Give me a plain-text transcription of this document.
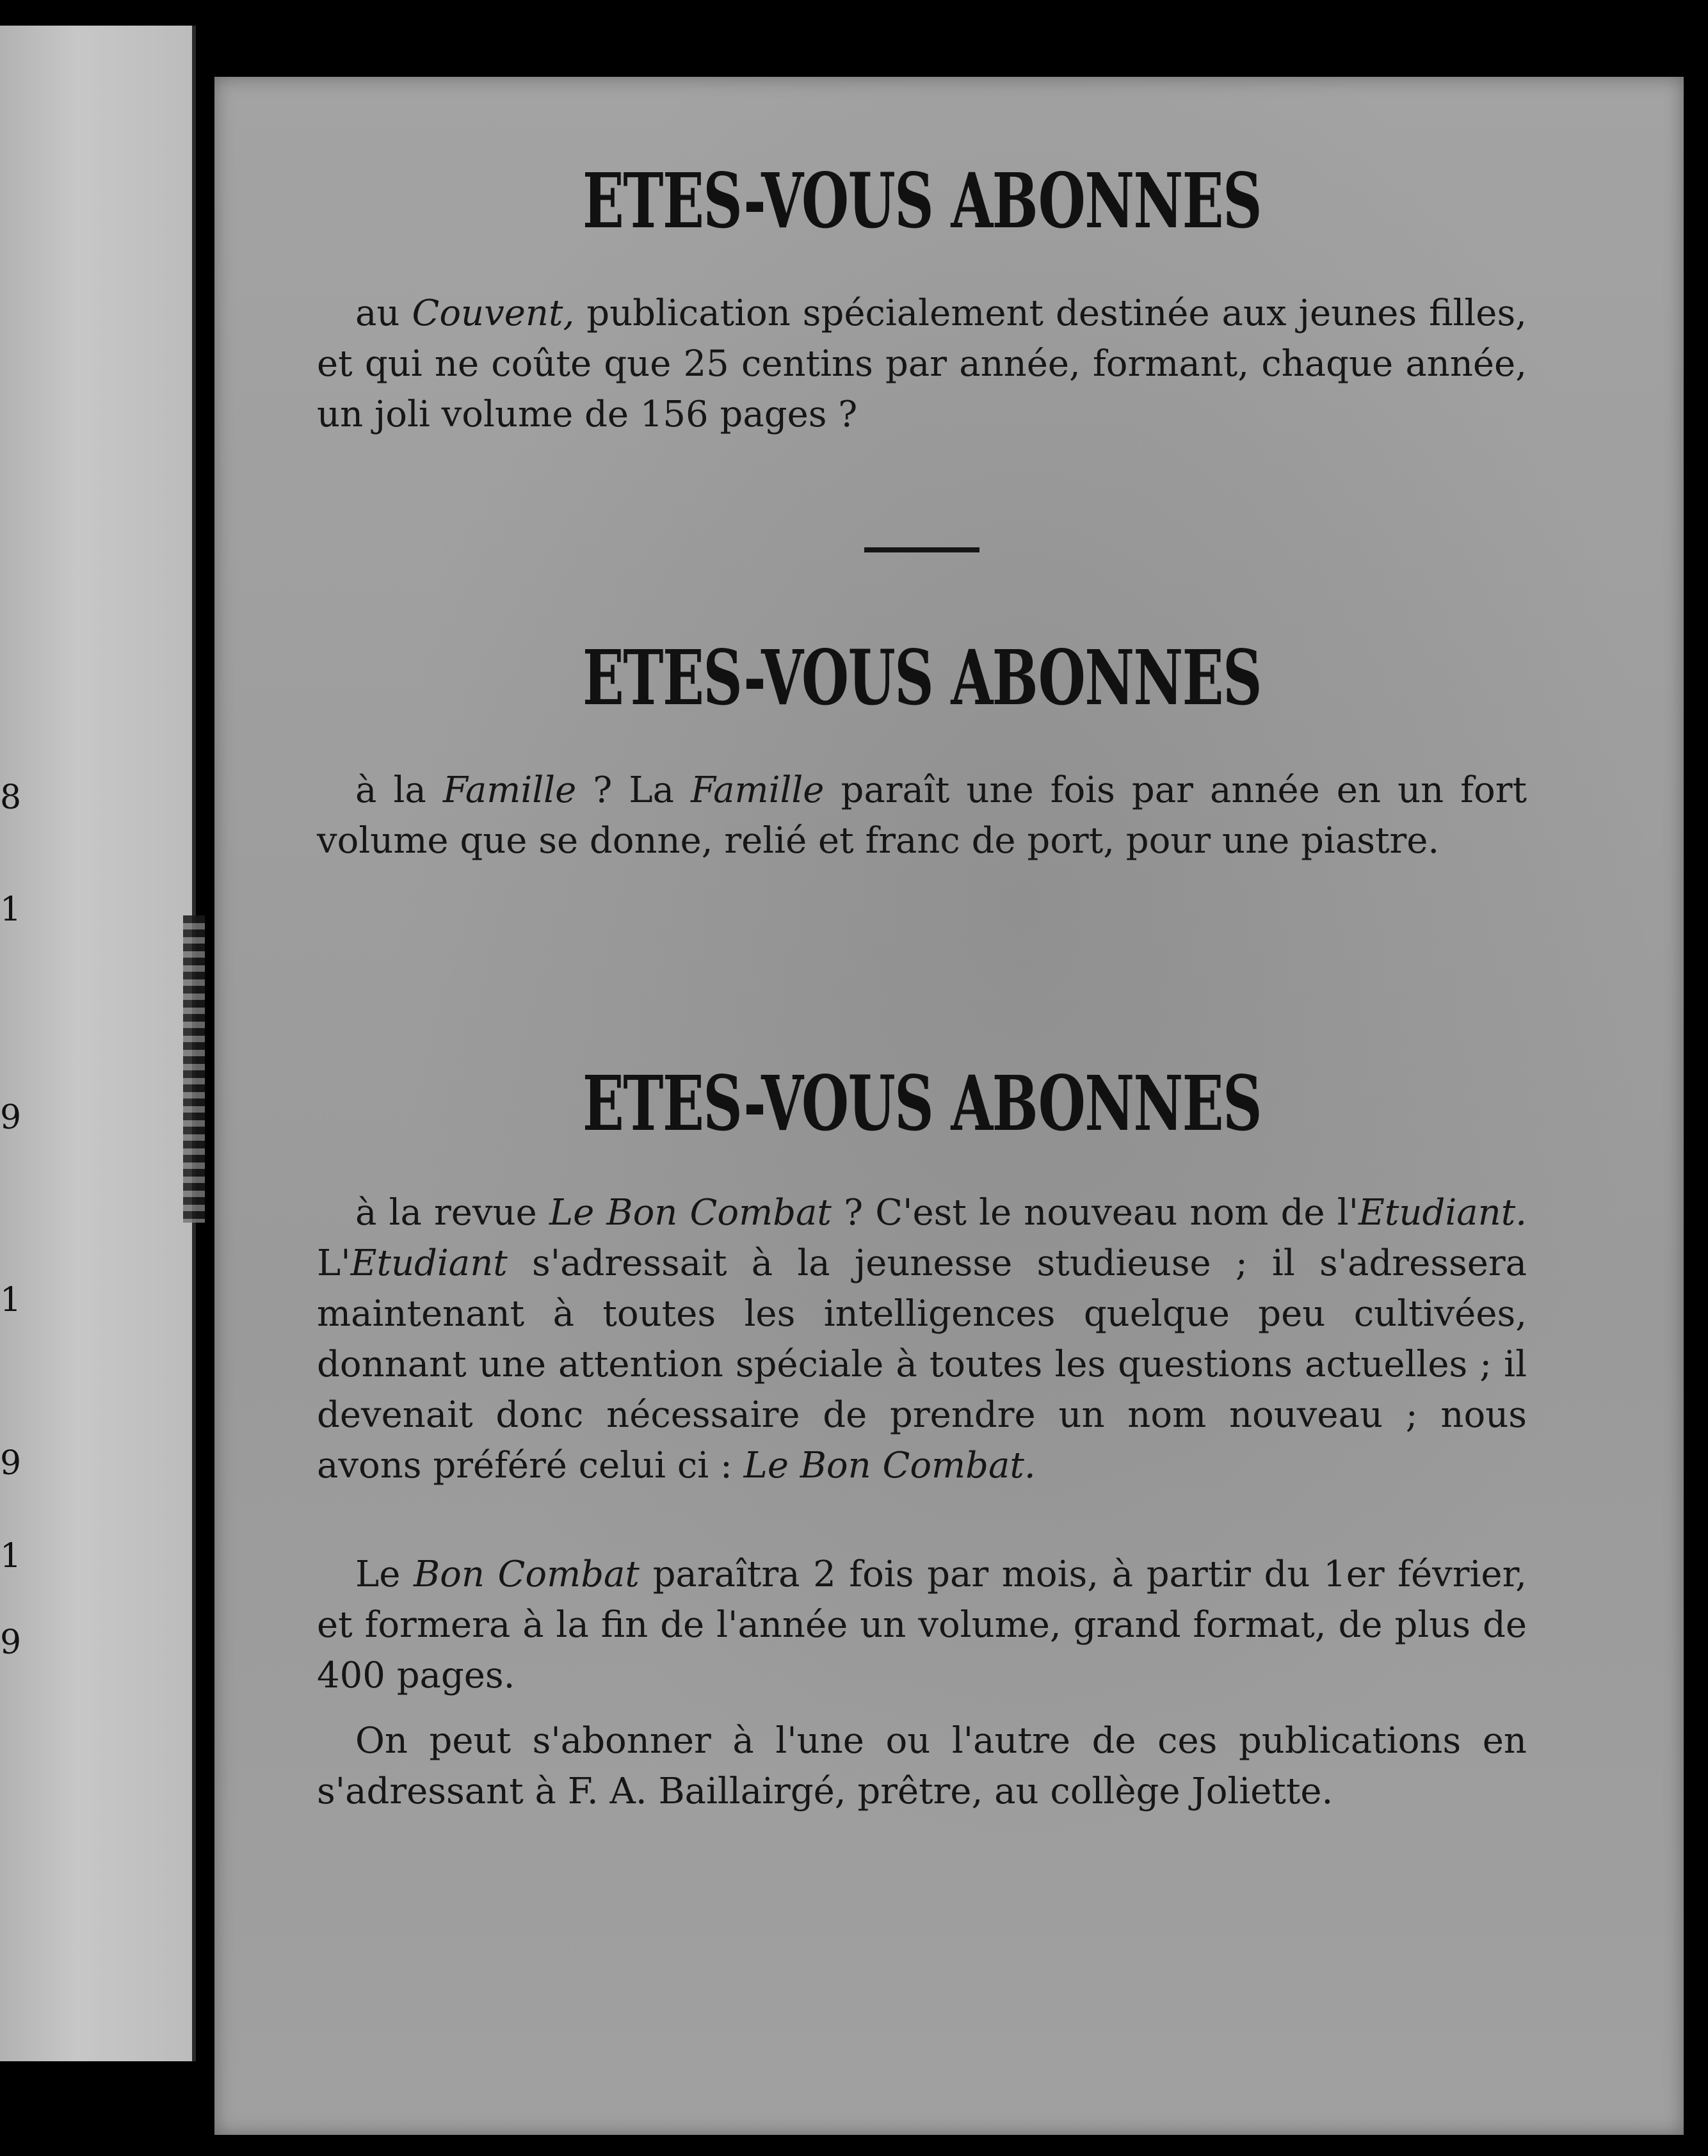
8
1
9
1
9
1
9
ETES-VOUS ABONNES

au Couvent, publication spécialement destinée aux jeunes filles, et qui ne coûte que 25 centins par année, formant, chaque année, un joli volume de 156 pages ?

ETES-VOUS ABONNES

à la Famille ? La Famille paraît une fois par année en un fort volume que se donne, relié et franc de port, pour une piastre.

ETES-VOUS ABONNES

à la revue Le Bon Combat ? C'est le nouveau nom de l'Etudiant. L'Etudiant s'adressait à la jeunesse studieuse ; il s'adressera maintenant à toutes les intelligences quelque peu cultivées, donnant une attention spéciale à toutes les questions actuelles ; il devenait donc nécessaire de prendre un nom nouveau ; nous avons préféré celui ci : Le Bon Combat.

Le Bon Combat paraîtra 2 fois par mois, à partir du 1er février, et formera à la fin de l'année un volume, grand format, de plus de 400 pages.

On peut s'abonner à l'une ou l'autre de ces publications en s'adressant à F. A. Baillairgé, prêtre, au collège Joliette.
